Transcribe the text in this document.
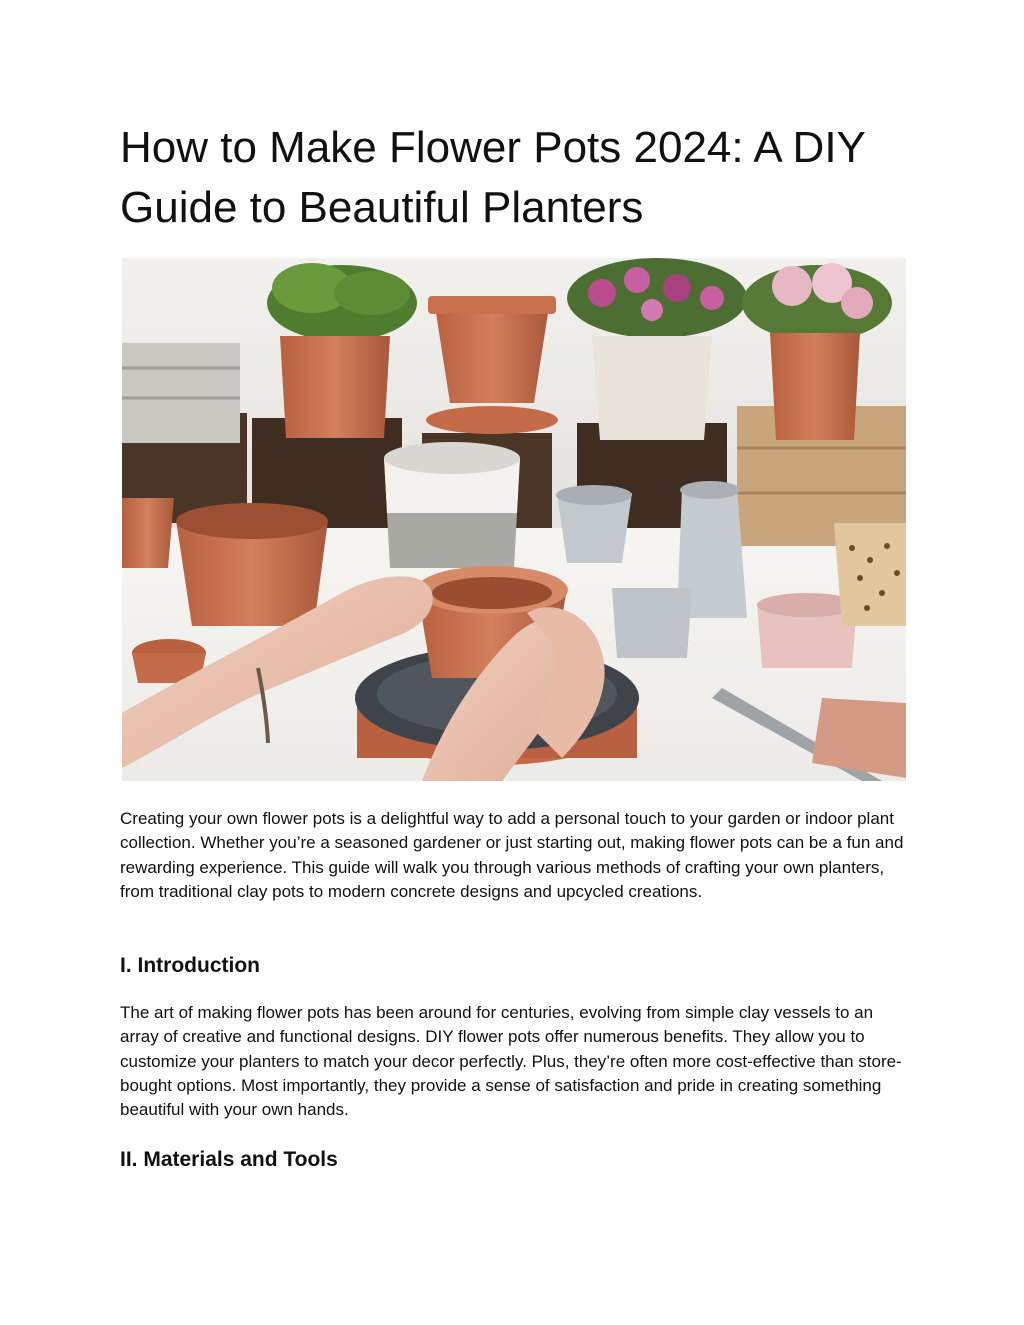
How to Make Flower Pots 2024: A DIY Guide to Beautiful Planters

Creating your own flower pots is a delightful way to add a personal touch to your garden or indoor plant collection. Whether you’re a seasoned gardener or just starting out, making flower pots can be a fun and rewarding experience. This guide will walk you through various methods of crafting your own planters, from traditional clay pots to modern concrete designs and upcycled creations.

I. Introduction

The art of making flower pots has been around for centuries, evolving from simple clay vessels to an array of creative and functional designs. DIY flower pots offer numerous benefits. They allow you to customize your planters to match your decor perfectly. Plus, they’re often more cost-effective than store-bought options. Most importantly, they provide a sense of satisfaction and pride in creating something beautiful with your own hands.

II. Materials and Tools
